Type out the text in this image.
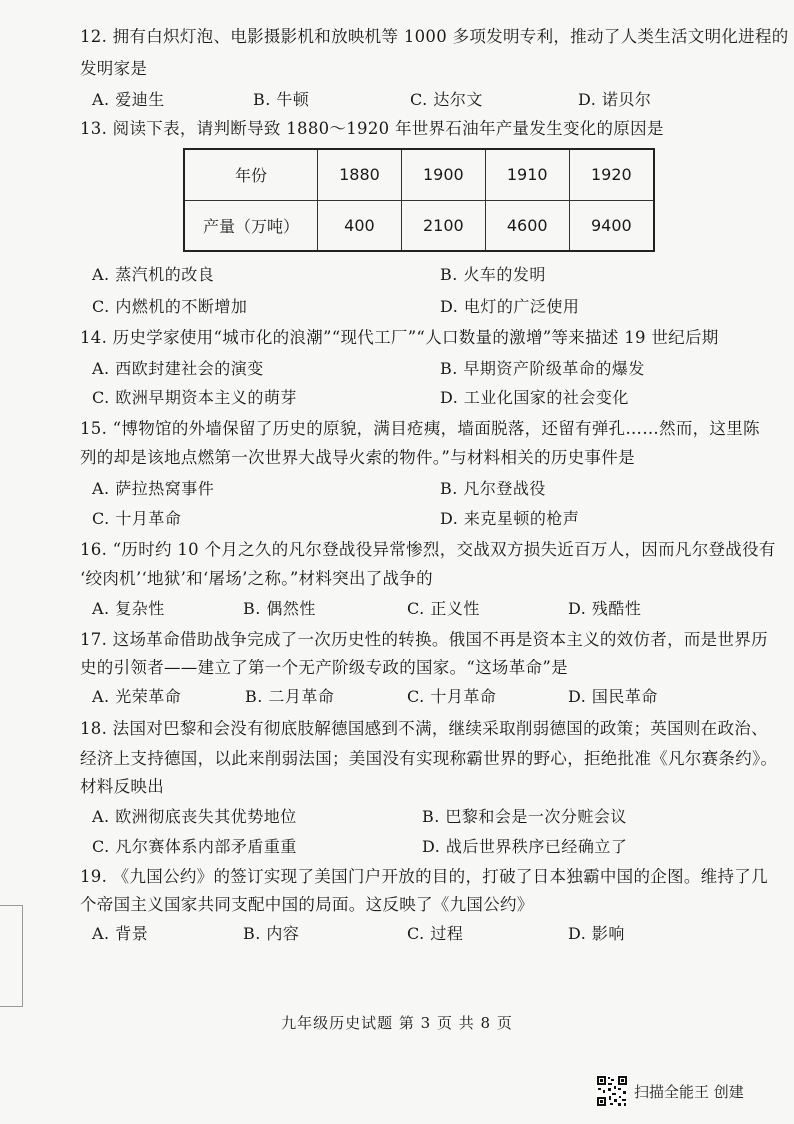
12. 拥有白炽灯泡、电影摄影机和放映机等 1000 多项发明专利，推动了人类生活文明化进程的
发明家是
A. 爱迪生	B. 牛顿	C. 达尔文	D. 诺贝尔
13. 阅读下表，请判断导致 1880～1920 年世界石油年产量发生变化的原因是
年份	1880	1900	1910	1920
产量（万吨）	400	2100	4600	9400
A. 蒸汽机的改良	B. 火车的发明
C. 内燃机的不断增加	D. 电灯的广泛使用
14. 历史学家使用“城市化的浪潮”“现代工厂”“人口数量的激增”等来描述 19 世纪后期
A. 西欧封建社会的演变	B. 早期资产阶级革命的爆发
C. 欧洲早期资本主义的萌芽	D. 工业化国家的社会变化
15. “博物馆的外墙保留了历史的原貌，满目疮痍，墙面脱落，还留有弹孔……然而，这里陈
列的却是该地点燃第一次世界大战导火索的物件。”与材料相关的历史事件是
A. 萨拉热窝事件	B. 凡尔登战役
C. 十月革命	D. 来克星顿的枪声
16. “历时约 10 个月之久的凡尔登战役异常惨烈，交战双方损失近百万人，因而凡尔登战役有
‘绞肉机’‘地狱’和‘屠场’之称。”材料突出了战争的
A. 复杂性	B. 偶然性	C. 正义性	D. 残酷性
17. 这场革命借助战争完成了一次历史性的转换。俄国不再是资本主义的效仿者，而是世界历
史的引领者——建立了第一个无产阶级专政的国家。“这场革命”是
A. 光荣革命	B. 二月革命	C. 十月革命	D. 国民革命
18. 法国对巴黎和会没有彻底肢解德国感到不满，继续采取削弱德国的政策；英国则在政治、
经济上支持德国，以此来削弱法国；美国没有实现称霸世界的野心，拒绝批准《凡尔赛条约》。
材料反映出
A. 欧洲彻底丧失其优势地位	B. 巴黎和会是一次分赃会议
C. 凡尔赛体系内部矛盾重重	D. 战后世界秩序已经确立了
19. 《九国公约》的签订实现了美国门户开放的目的，打破了日本独霸中国的企图。维持了几
个帝国主义国家共同支配中国的局面。这反映了《九国公约》
A. 背景	B. 内容	C. 过程	D. 影响
九年级历史试题 第 3 页 共 8 页
扫描全能王 创建
